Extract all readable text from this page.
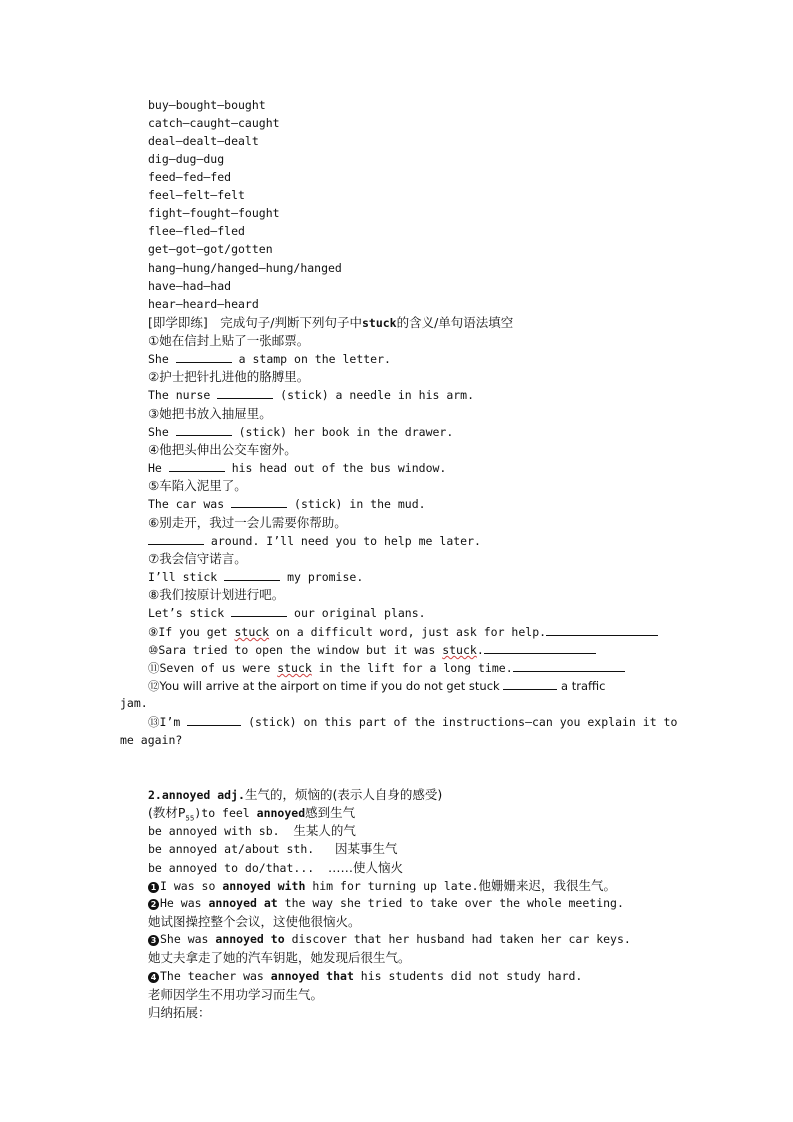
buy—bought—bought
catch—caught—caught
deal—dealt—dealt
dig—dug—dug
feed—fed—fed
feel—felt—felt
fight—fought—fought
flee—fled—fled
get—got—got/gotten
hang—hung/hanged—hung/hanged
have—had—had
hear—heard—heard
[即学即练]　完成句子/判断下列句子中stuck的含义/单句语法填空
①她在信封上贴了一张邮票。
She	a stamp on the letter.
②护士把针扎进他的胳膊里。
The nurse	(stick) a needle in his arm.
③她把书放入抽屉里。
She	(stick) her book in the drawer.
④他把头伸出公交车窗外。
He	his head out of the bus window.
⑤车陷入泥里了。
The car was	(stick) in the mud.
⑥别走开，我过一会儿需要你帮助。
around. I’ll need you to help me later.
⑦我会信守诺言。
I’ll stick	my promise.
⑧我们按原计划进行吧。
Let’s stick	our original plans.
⑨If you get stuck on a difficult word, just ask for help.
⑩Sara tried to open the window but it was stuck.
⑪Seven of us were stuck in the lift for a long time.
⑫You will arrive at the airport on time if you do not get stuck	a traffic
jam.
⑬I’m	(stick) on this part of the instructions—can you explain it to
me again?
2.annoyed adj.生气的，烦恼的(表示人自身的感受)
(教材$P_{55})to$ feel annoyed感到生气
be annoyed with sb. 生某人的气
be annoyed at/about sth. 因某事生气
be annoyed to do/that... ……使人恼火
1 I was so annoyed with him for turning up late.他姗姗来迟，我很生气。
2 He was annoyed at the way she tried to take over the whole meeting.
她试图操控整个会议，这使他很恼火。
3 She was annoyed to discover that her husband had taken her car keys.
她丈夫拿走了她的汽车钥匙，她发现后很生气。
4 The teacher was annoyed that his students did not study hard.
老师因学生不用功学习而生气。
归纳拓展：
